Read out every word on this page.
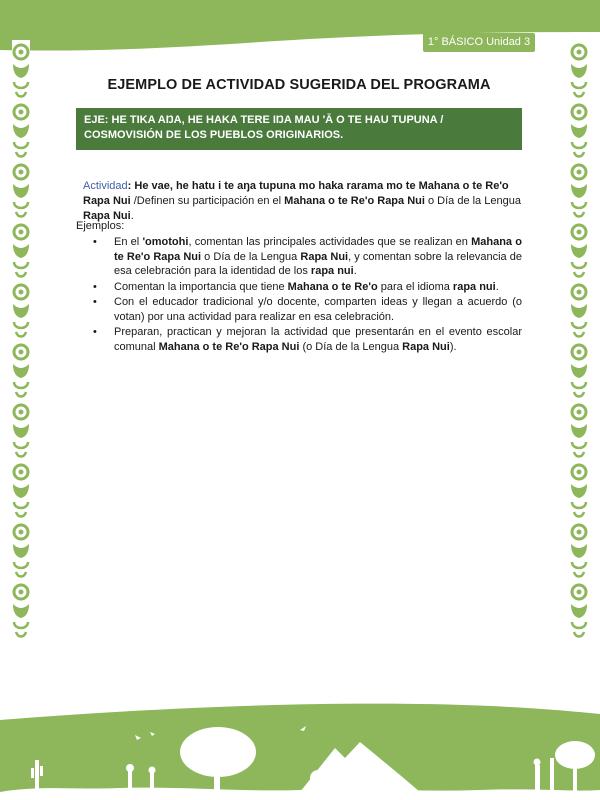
1° BÁSICO Unidad 3
EJEMPLO DE ACTIVIDAD SUGERIDA DEL PROGRAMA
EJE: HE TIKA AŊA, HE HAKA TERE IŊA MAU 'Ā O TE HAU TUPUNA / COSMOVISIÓN DE LOS PUEBLOS ORIGINARIOS.
Actividad: He vae, he hatu i te aŋa tupuna mo haka rarama mo te Mahana o te Re'o Rapa Nui /Definen su participación en el Mahana o te Re'o Rapa Nui o Día de la Lengua Rapa Nui.
Ejemplos:
• En el 'omotohi, comentan las principales actividades que se realizan en Mahana o te Re'o Rapa Nui o Día de la Lengua Rapa Nui, y comentan sobre la relevancia de esa celebración para la identidad de los rapa nui.
• Comentan la importancia que tiene Mahana o te Re'o para el idioma rapa nui.
• Con el educador tradicional y/o docente, comparten ideas y llegan a acuerdo (o votan) por una actividad para realizar en esa celebración.
• Preparan, practican y mejoran la actividad que presentarán en el evento escolar comunal Mahana o te Re'o Rapa Nui (o Día de la Lengua Rapa Nui).
